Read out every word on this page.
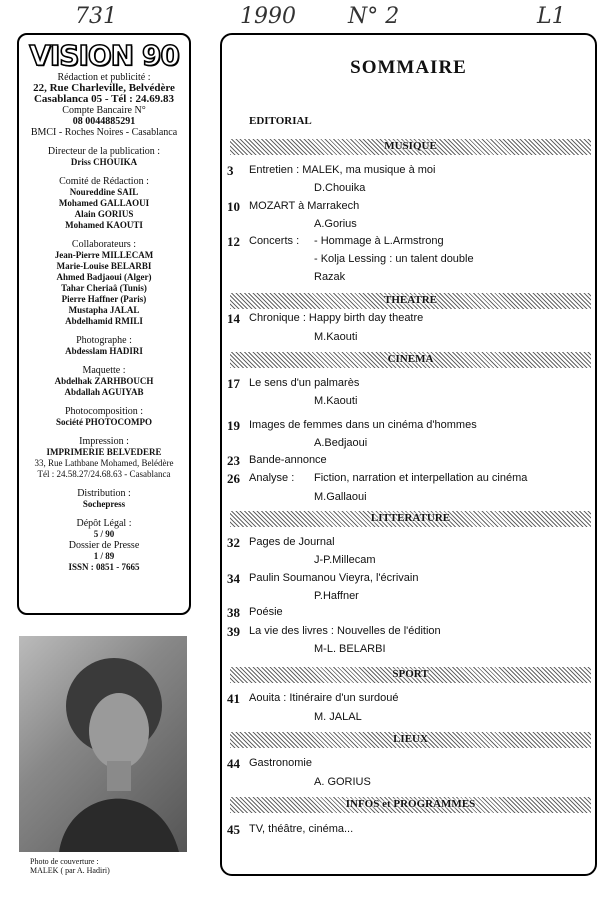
731	1990 N° 2	L1
VISION 90

Rédaction et publicité :

22, Rue Charleville, Belvédère

Casablanca 05 - Tél : 24.69.83

Compte Bancaire N°

08 0044885291

BMCI - Roches Noires - Casablanca

Directeur de la publication :

Driss CHOUIKA

Comité de Rédaction :

Noureddine SAIL

Mohamed GALLAOUI

Alain GORIUS

Mohamed KAOUTI

Collaborateurs :

Jean-Pierre MILLECAM

Marie-Louise BELARBI

Ahmed Badjaoui (Alger)

Tahar Cheriaâ (Tunis)

Pierre Haffner (Paris)

Mustapha JALAL

Abdelhamid RMILI

Photographe :

Abdesslam HADIRI

Maquette :

Abdelhak ZARHBOUCH

Abdallah AGUIYAB

Photocomposition :

Société PHOTOCOMPO

Impression :

IMPRIMERIE BELVEDERE

33, Rue Lathbane Mohamed, Belédère

Tél : 24.58.27/24.68.63 - Casablanca

Distribution :

Sochepress

Dépôt Légal :

5 / 90

Dossier de Presse

1 / 89

ISSN : 0851 - 7665

Photo de couverture :
MALEK ( par A. Hadiri)
SOMMAIRE
EDITORIAL
MUSIQUE
3 Entretien : MALEK, ma musique à moi
D.Chouika
10 MOZART à Marrakech
A.Gorius
12 Concerts : - Hommage à L.Armstrong
- Kolja Lessing : un talent double
Razak
THEATRE
14 Chronique : Happy birth day theatre
M.Kaouti
CINEMA
17 Le sens d'un palmarès
M.Kaouti
19 Images de femmes dans un cinéma d'hommes
A.Bedjaoui
23 Bande-annonce
26 Analyse : Fiction, narration et interpellation au cinéma
M.Gallaoui
LITTERATURE
32 Pages de Journal
J-P.Millecam
34 Paulin Soumanou Vieyra, l'écrivain
P.Haffner
38 Poésie
39 La vie des livres : Nouvelles de l'édition
M-L. BELARBI
SPORT
41 Aouita : Itinéraire d'un surdoué
M. JALAL
LIEUX
44 Gastronomie
A. GORIUS
INFOS et PROGRAMMES
45 TV, théâtre, cinéma...
